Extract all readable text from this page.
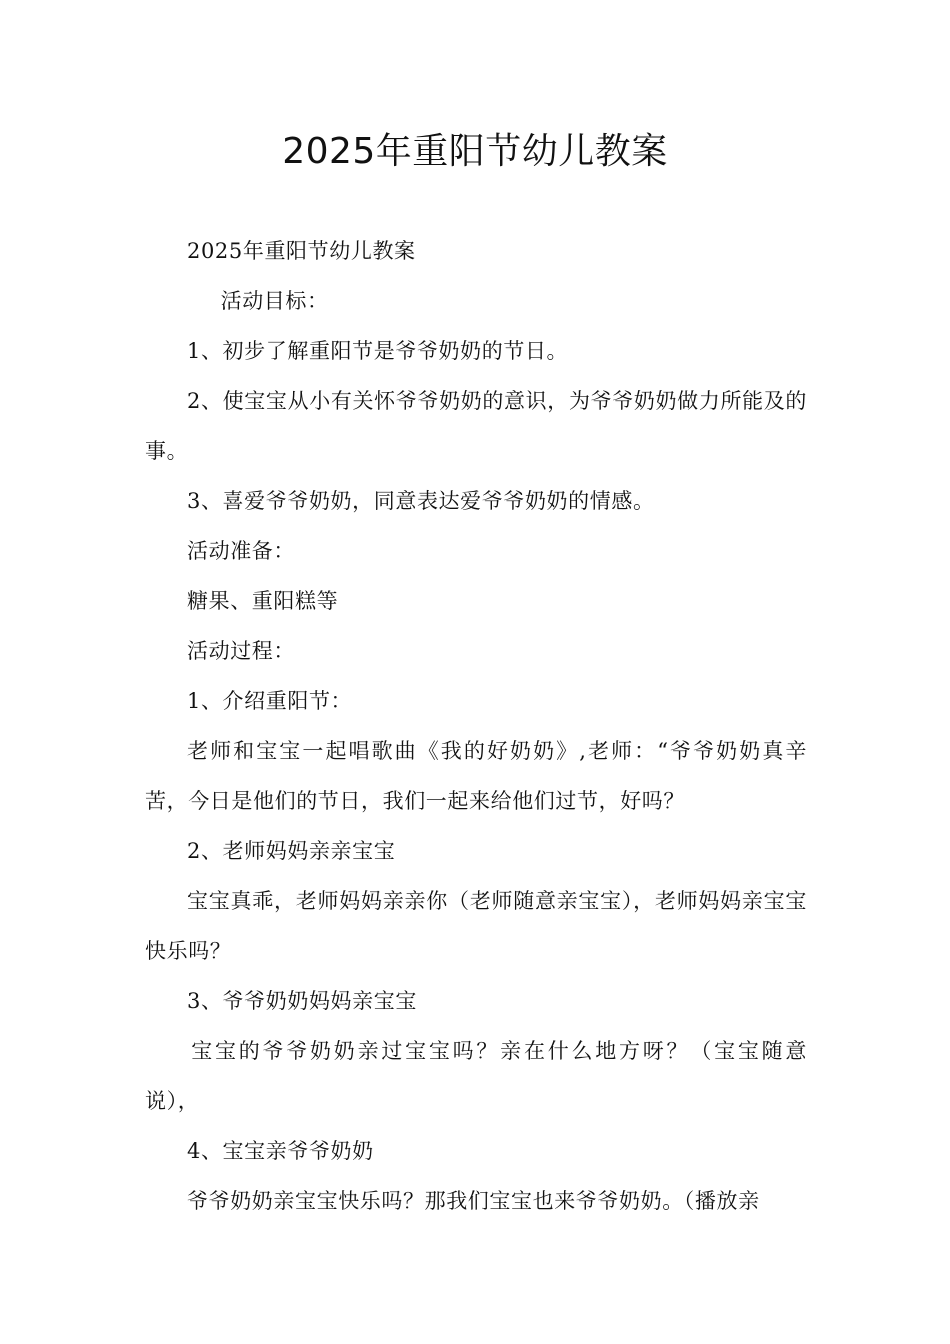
2025年重阳节幼儿教案

2025年重阳节幼儿教案

活动目标：

1、初步了解重阳节是爷爷奶奶的节日。

2、使宝宝从小有关怀爷爷奶奶的意识，为爷爷奶奶做力所能及的事。

3、喜爱爷爷奶奶，同意表达爱爷爷奶奶的情感。

活动准备：

糖果、重阳糕等

活动过程：

1、介绍重阳节：

老师和宝宝一起唱歌曲《我的好奶奶》,老师：“爷爷奶奶真辛苦，今日是他们的节日，我们一起来给他们过节，好吗？

2、老师妈妈亲亲宝宝

宝宝真乖，老师妈妈亲亲你（老师随意亲宝宝），老师妈妈亲宝宝快乐吗？

3、爷爷奶奶妈妈亲宝宝

宝宝的爷爷奶奶亲过宝宝吗？亲在什么地方呀？（宝宝随意说），

4、宝宝亲爷爷奶奶

爷爷奶奶亲宝宝快乐吗？那我们宝宝也来爷爷奶奶。（播放亲
